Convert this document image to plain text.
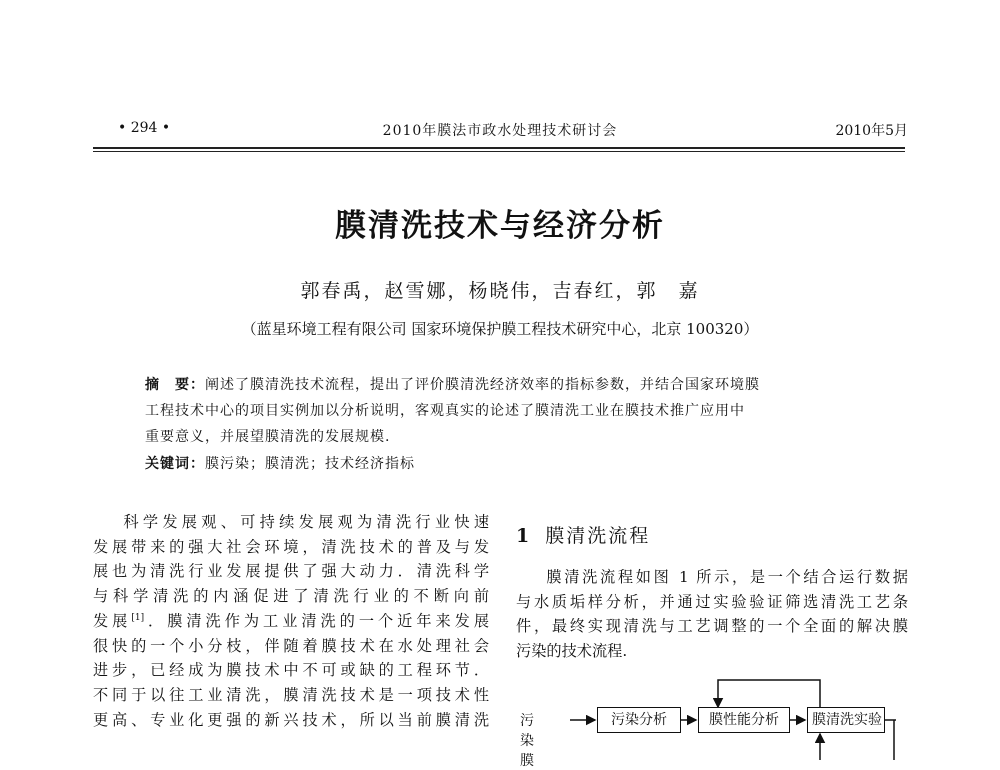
• 294 •	2010年膜法市政水处理技术研讨会	2010年5月
膜清洗技术与经济分析
郭春禹，赵雪娜，杨晓伟，吉春红，郭　嘉
（蓝星环境工程有限公司 国家环境保护膜工程技术研究中心，北京 100320）
摘　要：阐述了膜清洗技术流程，提出了评价膜清洗经济效率的指标参数，并结合国家环境膜
工程技术中心的项目实例加以分析说明，客观真实的论述了膜清洗工业在膜技术推广应用中
重要意义，并展望膜清洗的发展规模.
关键词：膜污染；膜清洗；技术经济指标
科学发展观、可持续发展观为清洗行业快速
发展带来的强大社会环境，清洗技术的普及与发
展也为清洗行业发展提供了强大动力．清洗科学
与科学清洗的内涵促进了清洗行业的不断向前
发展[1]．膜清洗作为工业清洗的一个近年来发展
很快的一个小分枝，伴随着膜技术在水处理社会
进步，已经成为膜技术中不可或缺的工程环节．
不同于以往工业清洗，膜清洗技术是一项技术性
更高、专业化更强的新兴技术，所以当前膜清洗
1 膜清洗流程
膜清洗流程如图 1 所示，是一个结合运行数据
与水质垢样分析，并通过实验验证筛选清洗工艺条
件，最终实现清洗与工艺调整的一个全面的解决膜
污染的技术流程.
污染膜
污染分析	膜性能分析	膜清洗实验
